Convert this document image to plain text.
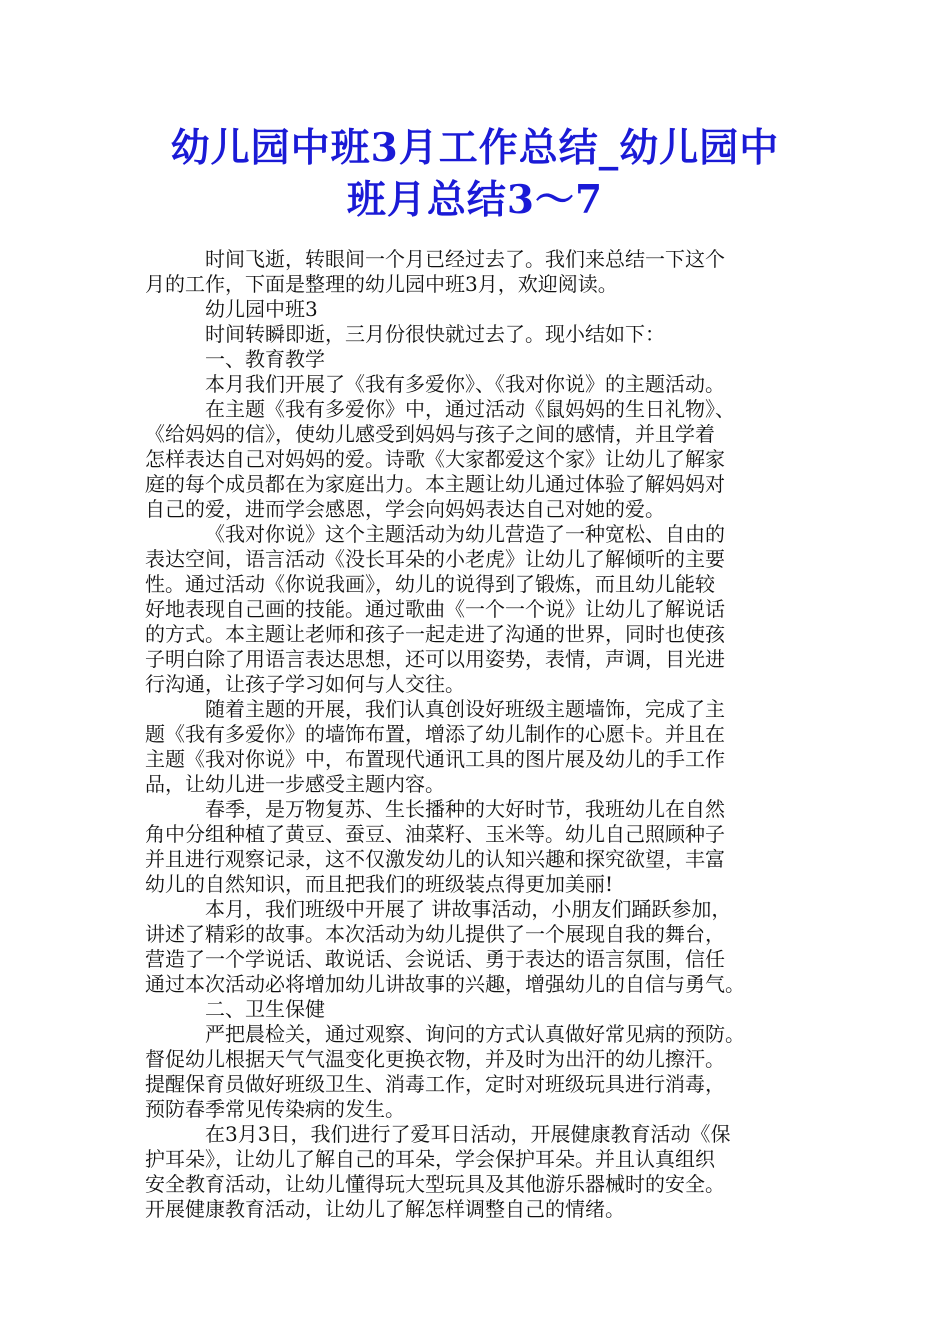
幼儿园中班3月工作总结_幼儿园中
班月总结3～7

时间飞逝，转眼间一个月已经过去了。我们来总结一下这个
月的工作，下面是整理的幼儿园中班3月，欢迎阅读。

幼儿园中班3

时间转瞬即逝，三月份很快就过去了。现小结如下：

一、教育教学

本月我们开展了《我有多爱你》、《我对你说》的主题活动。

在主题《我有多爱你》中，通过活动《鼠妈妈的生日礼物》、
《给妈妈的信》，使幼儿感受到妈妈与孩子之间的感情，并且学着
怎样表达自己对妈妈的爱。诗歌《大家都爱这个家》让幼儿了解家
庭的每个成员都在为家庭出力。本主题让幼儿通过体验了解妈妈对
自己的爱，进而学会感恩，学会向妈妈表达自己对她的爱。

《我对你说》这个主题活动为幼儿营造了一种宽松、自由的
表达空间，语言活动《没长耳朵的小老虎》让幼儿了解倾听的主要
性。通过活动《你说我画》，幼儿的说得到了锻炼，而且幼儿能较
好地表现自己画的技能。通过歌曲《一个一个说》让幼儿了解说话
的方式。本主题让老师和孩子一起走进了沟通的世界，同时也使孩
子明白除了用语言表达思想，还可以用姿势，表情，声调，目光进
行沟通，让孩子学习如何与人交往。

随着主题的开展，我们认真创设好班级主题墙饰，完成了主
题《我有多爱你》的墙饰布置，增添了幼儿制作的心愿卡。并且在
主题《我对你说》中，布置现代通讯工具的图片展及幼儿的手工作
品，让幼儿进一步感受主题内容。

春季，是万物复苏、生长播种的大好时节，我班幼儿在自然
角中分组种植了黄豆、蚕豆、油菜籽、玉米等。幼儿自己照顾种子
并且进行观察记录，这不仅激发幼儿的认知兴趣和探究欲望，丰富
幼儿的自然知识，而且把我们的班级装点得更加美丽!

本月，我们班级中开展了 讲故事活动，小朋友们踊跃参加，
讲述了精彩的故事。本次活动为幼儿提供了一个展现自我的舞台，
营造了一个学说话、敢说话、会说话、勇于表达的语言氛围，信任
通过本次活动必将增加幼儿讲故事的兴趣，增强幼儿的自信与勇气。

二、卫生保健

严把晨检关，通过观察、询问的方式认真做好常见病的预防。
督促幼儿根据天气气温变化更换衣物，并及时为出汗的幼儿擦汗。
提醒保育员做好班级卫生、消毒工作，定时对班级玩具进行消毒，
预防春季常见传染病的发生。

在3月3日，我们进行了爱耳日活动，开展健康教育活动《保
护耳朵》，让幼儿了解自己的耳朵，学会保护耳朵。并且认真组织
安全教育活动，让幼儿懂得玩大型玩具及其他游乐器械时的安全。
开展健康教育活动，让幼儿了解怎样调整自己的情绪。
